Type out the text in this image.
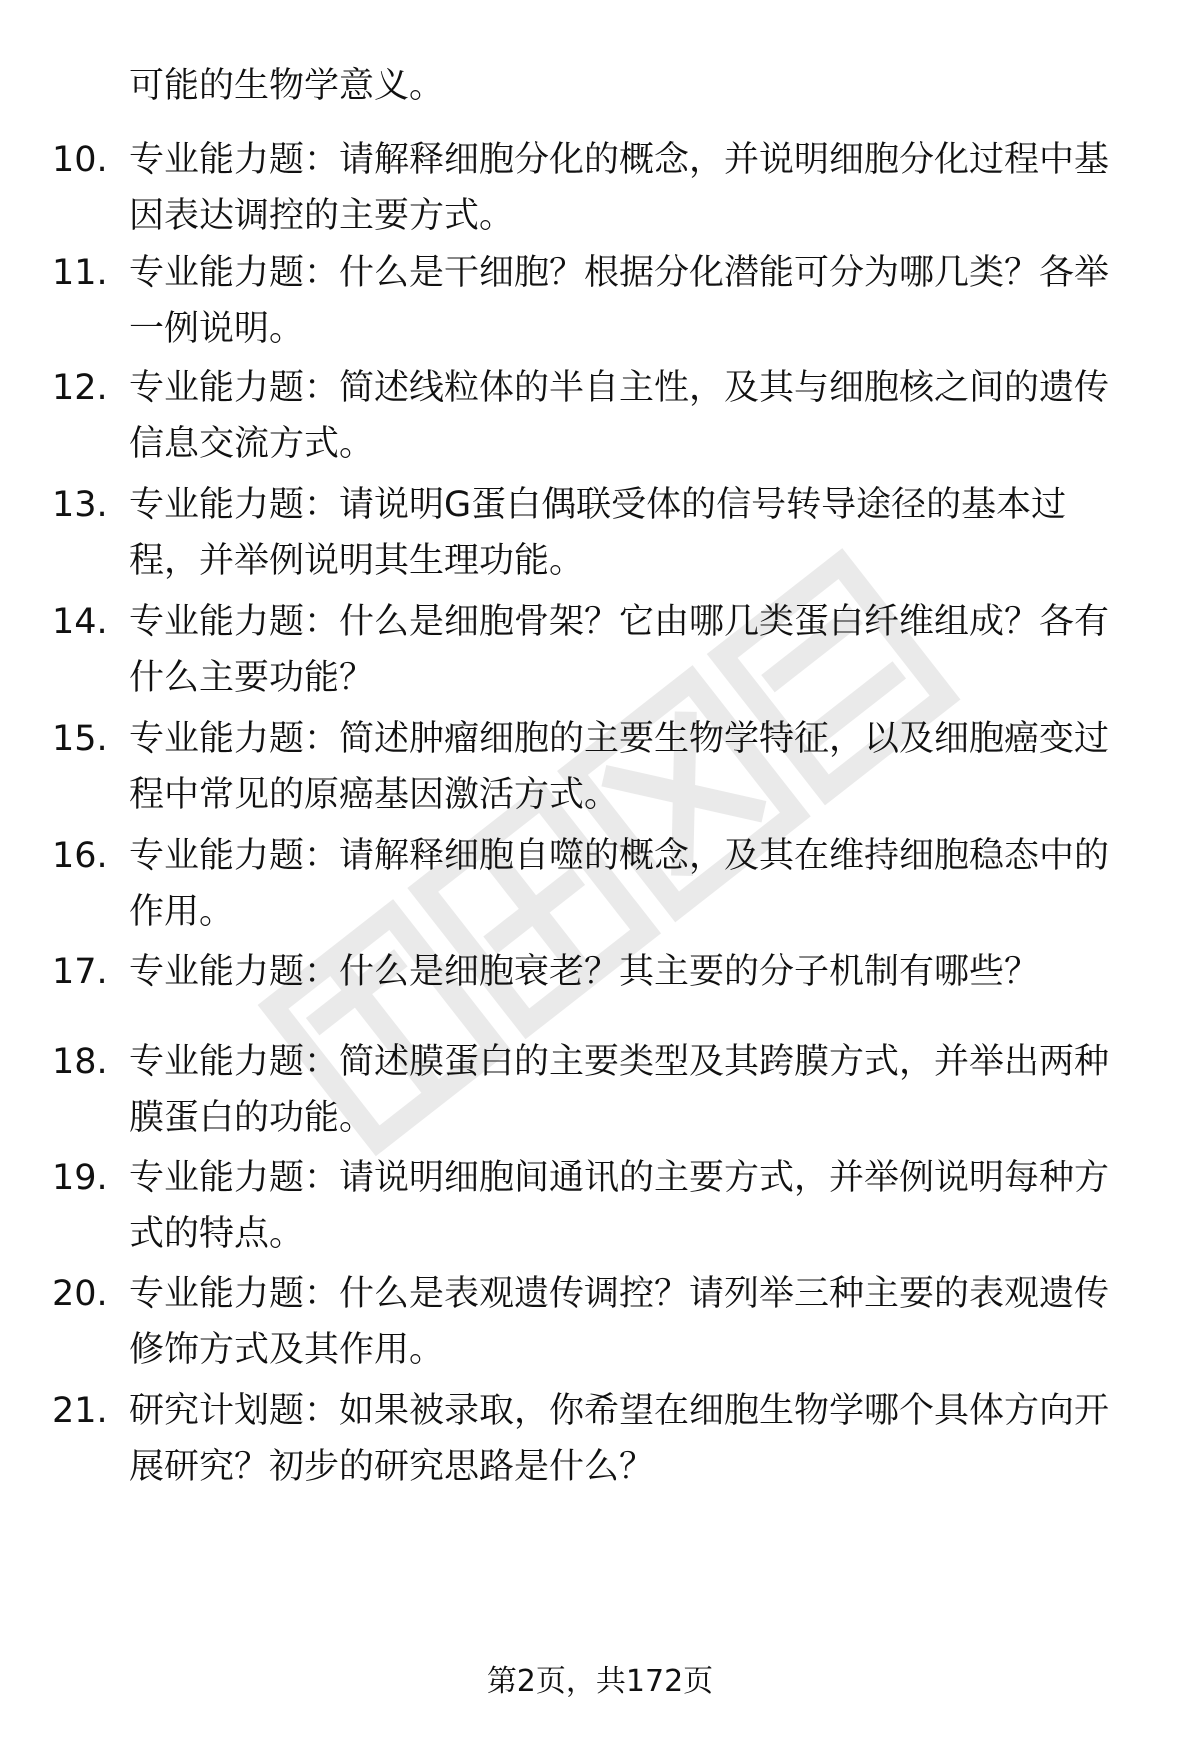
可能的生物学意义。
10. 专业能力题：请解释细胞分化的概念，并说明细胞分化过程中基
因表达调控的主要方式。
11. 专业能力题：什么是干细胞？根据分化潜能可分为哪几类？各举
一例说明。
12. 专业能力题：简述线粒体的半自主性，及其与细胞核之间的遗传
信息交流方式。
13. 专业能力题：请说明G蛋白偶联受体的信号转导途径的基本过
程，并举例说明其生理功能。
14. 专业能力题：什么是细胞骨架？它由哪几类蛋白纤维组成？各有
什么主要功能？
15. 专业能力题：简述肿瘤细胞的主要生物学特征，以及细胞癌变过
程中常见的原癌基因激活方式。
16. 专业能力题：请解释细胞自噬的概念，及其在维持细胞稳态中的
作用。
17. 专业能力题：什么是细胞衰老？其主要的分子机制有哪些？
18. 专业能力题：简述膜蛋白的主要类型及其跨膜方式，并举出两种
膜蛋白的功能。
19. 专业能力题：请说明细胞间通讯的主要方式，并举例说明每种方
式的特点。
20. 专业能力题：什么是表观遗传调控？请列举三种主要的表观遗传
修饰方式及其作用。
21. 研究计划题：如果被录取，你希望在细胞生物学哪个具体方向开
展研究？初步的研究思路是什么？
第2页，共172页
